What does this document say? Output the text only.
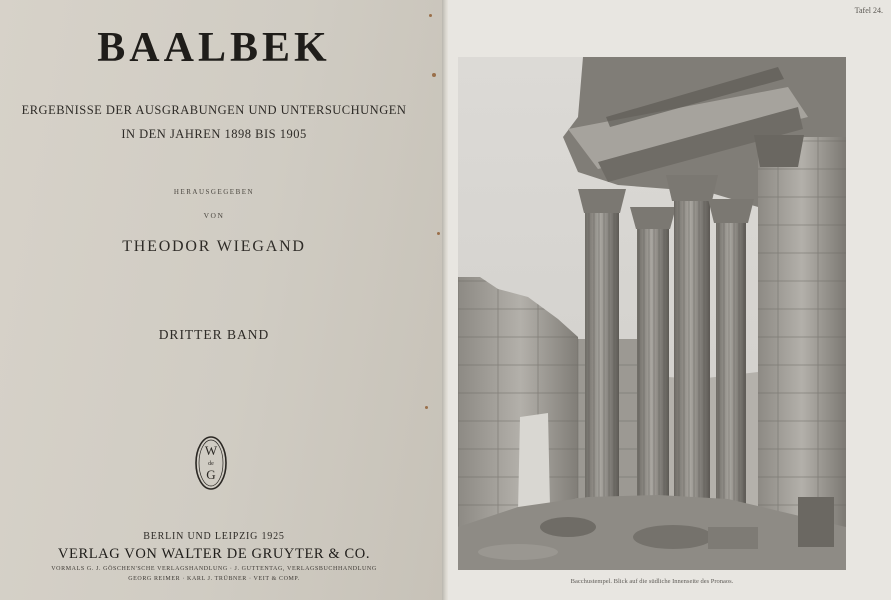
BAALBEK
ERGEBNISSE DER AUSGRABUNGEN UND UNTERSUCHUNGEN
IN DEN JAHREN 1898 BIS 1905
HERAUSGEGEBEN
VON
THEODOR WIEGAND
DRITTER BAND
W
de
G
BERLIN UND LEIPZIG 1925
VERLAG VON WALTER DE GRUYTER & CO.
VORMALS G. J. GÖSCHEN'SCHE VERLAGSHANDLUNG · J. GUTTENTAG, VERLAGSBUCHHANDLUNG
GEORG REIMER · KARL J. TRÜBNER · VEIT & COMP.
Tafel 24.
Bacchustempel. Blick auf die südliche Innenseite des Pronaos.
